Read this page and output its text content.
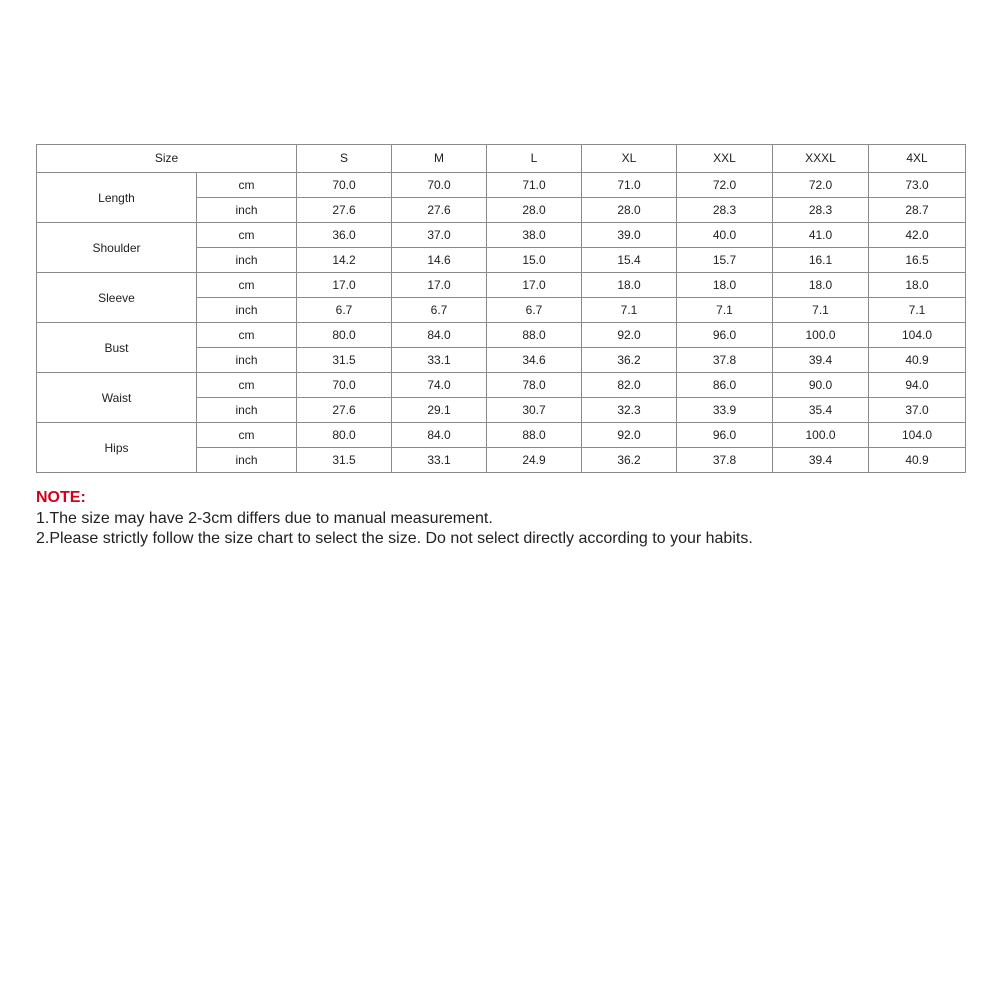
Size		S	M	L	XL	XXL	XXXL	4XL
Length	cm	70.0	70.0	71.0	71.0	72.0	72.0	73.0
	inch	27.6	27.6	28.0	28.0	28.3	28.3	28.7
Shoulder	cm	36.0	37.0	38.0	39.0	40.0	41.0	42.0
	inch	14.2	14.6	15.0	15.4	15.7	16.1	16.5
Sleeve	cm	17.0	17.0	17.0	18.0	18.0	18.0	18.0
	inch	6.7	6.7	6.7	7.1	7.1	7.1	7.1
Bust	cm	80.0	84.0	88.0	92.0	96.0	100.0	104.0
	inch	31.5	33.1	34.6	36.2	37.8	39.4	40.9
Waist	cm	70.0	74.0	78.0	82.0	86.0	90.0	94.0
	inch	27.6	29.1	30.7	32.3	33.9	35.4	37.0
Hips	cm	80.0	84.0	88.0	92.0	96.0	100.0	104.0
	inch	31.5	33.1	24.9	36.2	37.8	39.4	40.9
NOTE:
1.The size may have 2-3cm differs due to manual measurement.
2.Please strictly follow the size chart to select the size. Do not select directly according to your habits.
